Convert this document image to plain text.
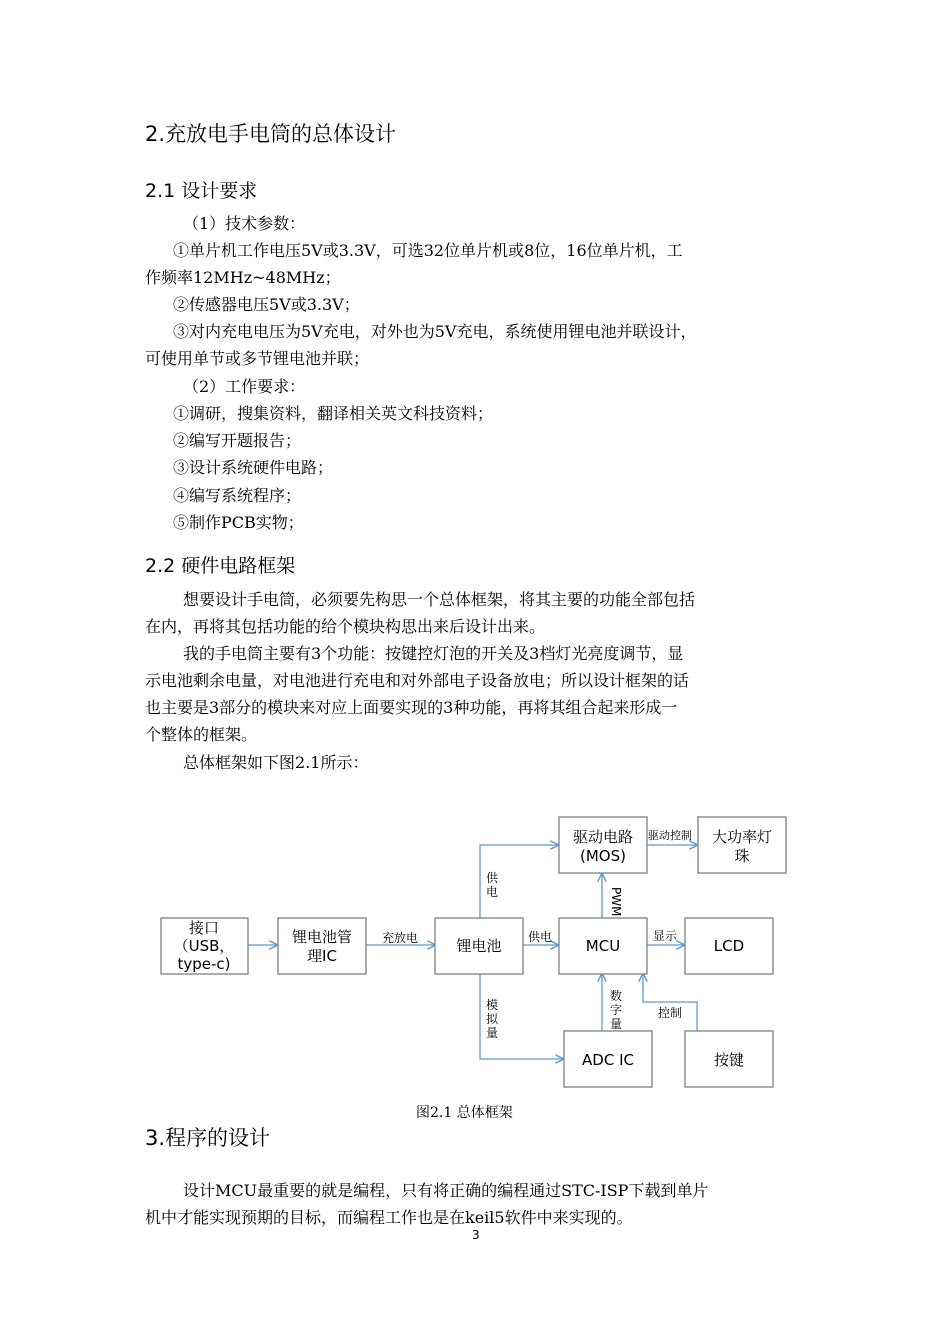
2.充放电手电筒的总体设计
2.1 设计要求
（1）技术参数：
①单片机工作电压5V或3.3V，可选32位单片机或8位，16位单片机，工
作频率12MHz~48MHz；
②传感器电压5V或3.3V；
③对内充电电压为5V充电，对外也为5V充电，系统使用锂电池并联设计，
可使用单节或多节锂电池并联；
（2）工作要求：
①调研，搜集资料，翻译相关英文科技资料；
②编写开题报告；
③设计系统硬件电路；
④编写系统程序；
⑤制作PCB实物；
2.2 硬件电路框架
想要设计手电筒，必须要先构思一个总体框架，将其主要的功能全部包括
在内，再将其包括功能的给个模块构思出来后设计出来。
我的手电筒主要有3个功能：按键控灯泡的开关及3档灯光亮度调节，显
示电池剩余电量，对电池进行充电和对外部电子设备放电；所以设计框架的话
也主要是3部分的模块来对应上面要实现的3种功能，再将其组合起来形成一
个整体的框架。
总体框架如下图2.1所示：
接口
（USB，
type-c)
锂电池管
理IC
锂电池	MCU
驱动电路
(MOS)
大功率灯
珠
LCD
ADC IC	按键
充放电	供电
供
电
驱动控制
显示
数
字
量
模
拟
量
控制
PWM
图2.1 总体框架
3.程序的设计
设计MCU最重要的就是编程，只有将正确的编程通过STC-ISP下载到单片
机中才能实现预期的目标，而编程工作也是在keil5软件中来实现的。
3
